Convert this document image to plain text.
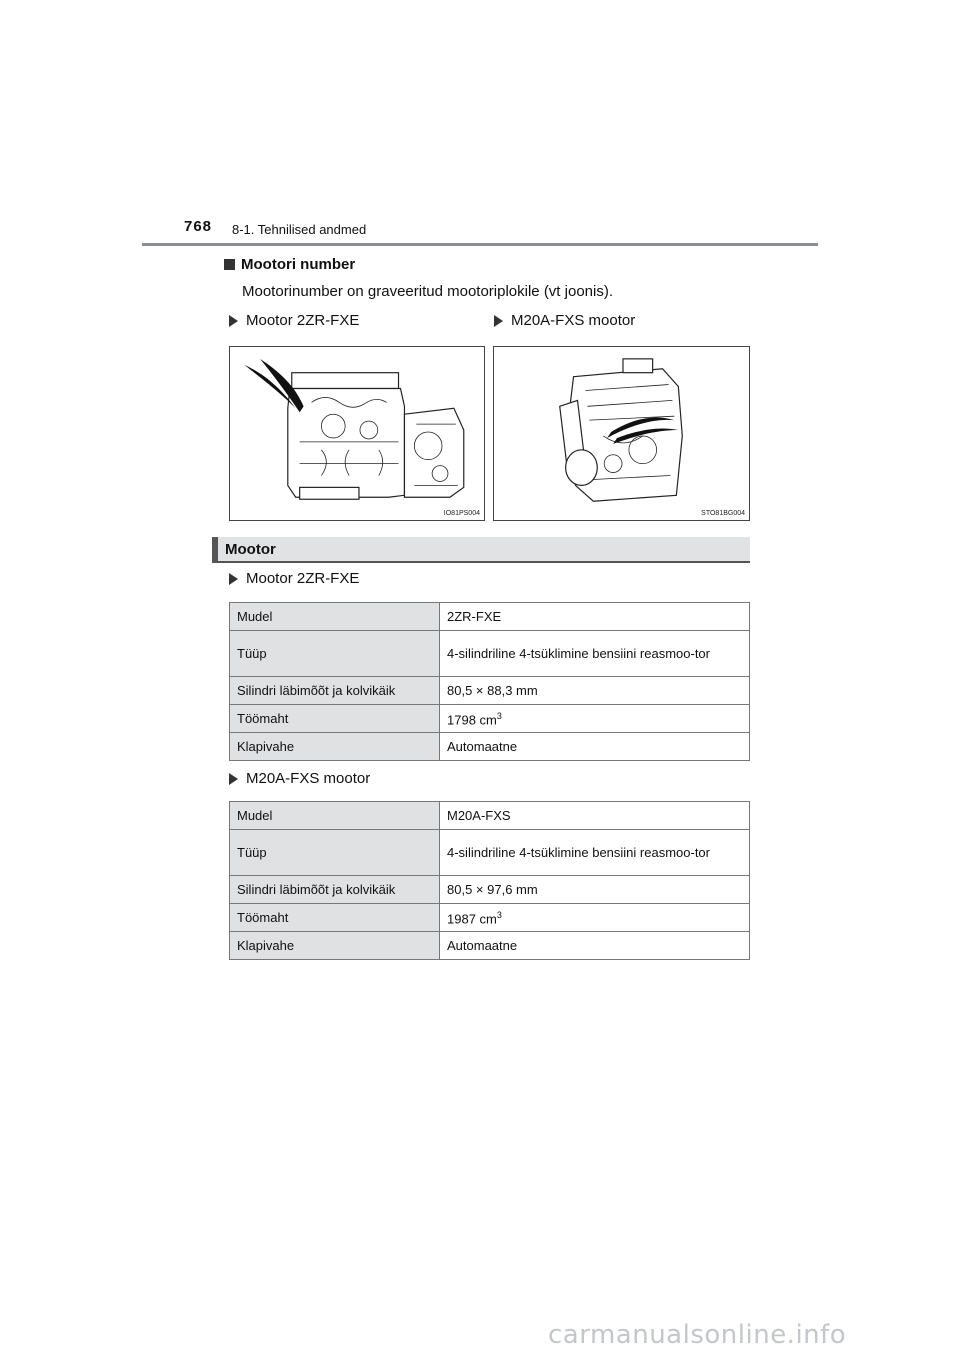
768 8-1. Tehnilised andmed
Mootori number
Mootorinumber on graveeritud mootoriplokile (vt joonis).
Mootor 2ZR-FXE	M20A-FXS mootor
IO81PS004	STO81BG004
Mootor
Mootor 2ZR-FXE
Mudel	2ZR-FXE
Tüüp	4-silindriline 4-tsüklimine bensiini reasmoo-tor
Silindri läbimõõt ja kolvikäik	80,5 × 88,3 mm
Töömaht	1798 $cm^3$
Klapivahe	Automaatne
M20A-FXS mootor
Mudel	M20A-FXS
Tüüp	4-silindriline 4-tsüklimine bensiini reasmoo-tor
Silindri läbimõõt ja kolvikäik	80,5 × 97,6 mm
Töömaht	1987 $cm^3$
Klapivahe	Automaatne
carmanualsonline.info
